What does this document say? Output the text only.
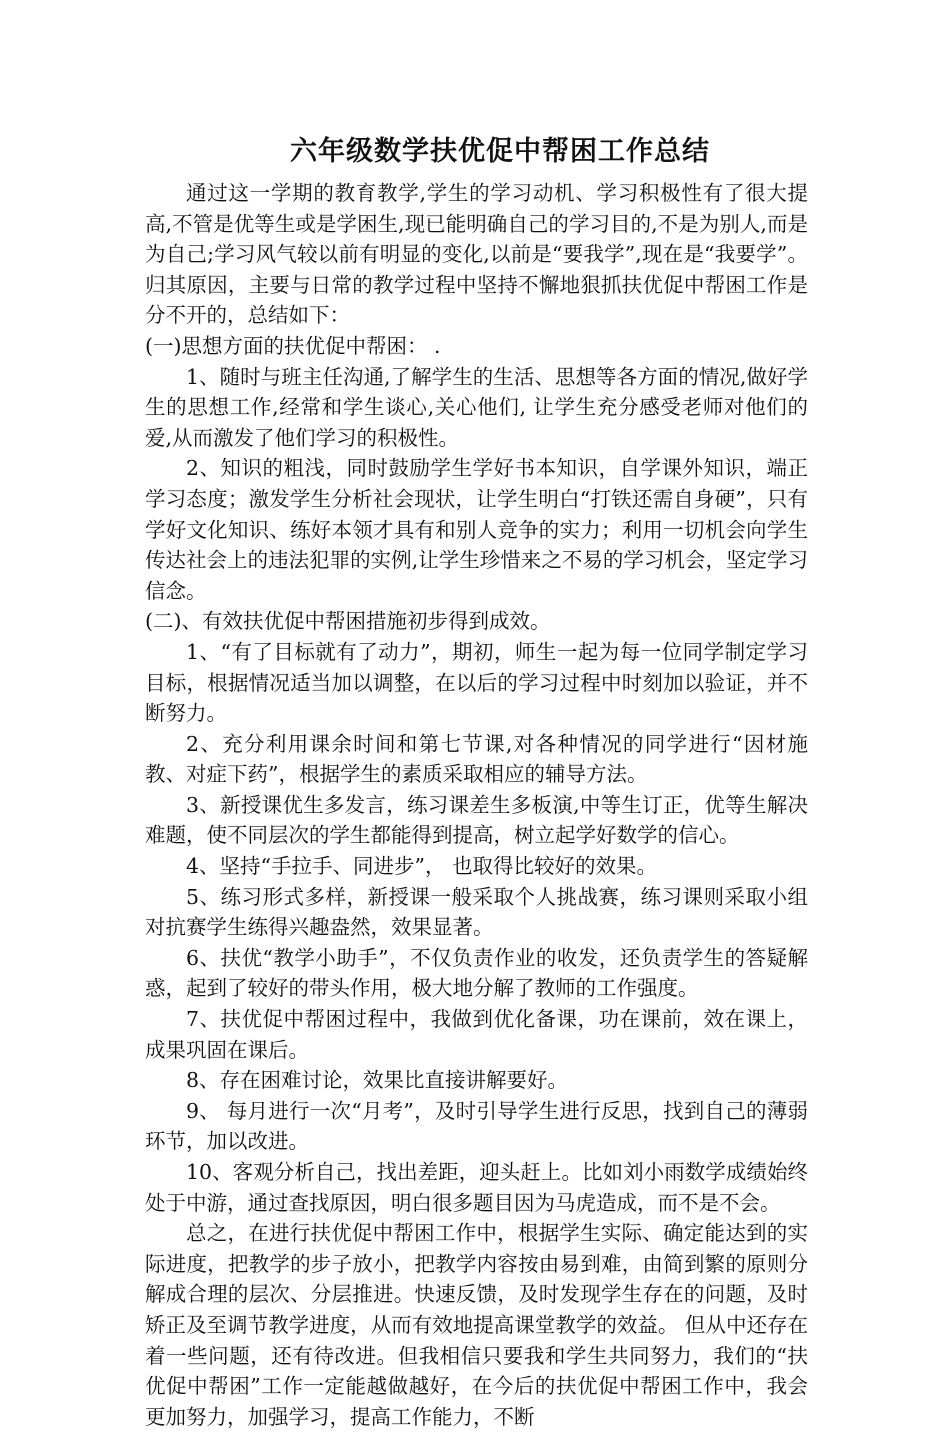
六年级数学扶优促中帮困工作总结

通过这一学期的教育教学,学生的学习动机、学习积极性有了很大提高,不管是优等生或是学困生,现已能明确自己的学习目的,不是为别人,而是为自己;学习风气较以前有明显的变化,以前是“要我学”,现在是“我要学”。归其原因，主要与日常的教学过程中坚持不懈地狠抓扶优促中帮困工作是分不开的，总结如下：

(一)思想方面的扶优促中帮困： .

1、随时与班主任沟通,了解学生的生活、思想等各方面的情况,做好学生的思想工作,经常和学生谈心,关心他们, 让学生充分感受老师对他们的爱,从而激发了他们学习的积极性。

2、知识的粗浅，同时鼓励学生学好书本知识，自学课外知识，端正学习态度；激发学生分析社会现状，让学生明白“打铁还需自身硬”，只有学好文化知识、练好本领才具有和别人竞争的实力；利用一切机会向学生传达社会上的违法犯罪的实例,让学生珍惜来之不易的学习机会，坚定学习信念。

(二)、有效扶优促中帮困措施初步得到成效。

1、“有了目标就有了动力”，期初，师生一起为每一位同学制定学习目标，根据情况适当加以调整，在以后的学习过程中时刻加以验证，并不断努力。

2、充分利用课余时间和第七节课,对各种情况的同学进行“因材施教、对症下药”，根据学生的素质采取相应的辅导方法。

3、新授课优生多发言，练习课差生多板演,中等生订正，优等生解决难题，使不同层次的学生都能得到提高，树立起学好数学的信心。

4、坚持“手拉手、同进步”， 也取得比较好的效果。

5、练习形式多样，新授课一般采取个人挑战赛，练习课则采取小组对抗赛学生练得兴趣盎然，效果显著。

6、扶优“教学小助手”，不仅负责作业的收发，还负责学生的答疑解惑，起到了较好的带头作用，极大地分解了教师的工作强度。

7、扶优促中帮困过程中，我做到优化备课，功在课前，效在课上，成果巩固在课后。

8、存在困难讨论，效果比直接讲解要好。

9、 每月进行一次“月考”，及时引导学生进行反思，找到自己的薄弱环节，加以改进。

10、客观分析自己，找出差距，迎头赶上。比如刘小雨数学成绩始终处于中游，通过查找原因，明白很多题目因为马虎造成，而不是不会。

总之，在进行扶优促中帮困工作中，根据学生实际、确定能达到的实际进度，把教学的步子放小，把教学内容按由易到难，由简到繁的原则分解成合理的层次、分层推进。快速反馈，及时发现学生存在的问题，及时矫正及至调节教学进度，从而有效地提高课堂教学的效益。 但从中还存在着一些问题，还有待改进。但我相信只要我和学生共同努力，我们的“扶优促中帮困”工作一定能越做越好，在今后的扶优促中帮困工作中，我会更加努力，加强学习，提高工作能力，不断
